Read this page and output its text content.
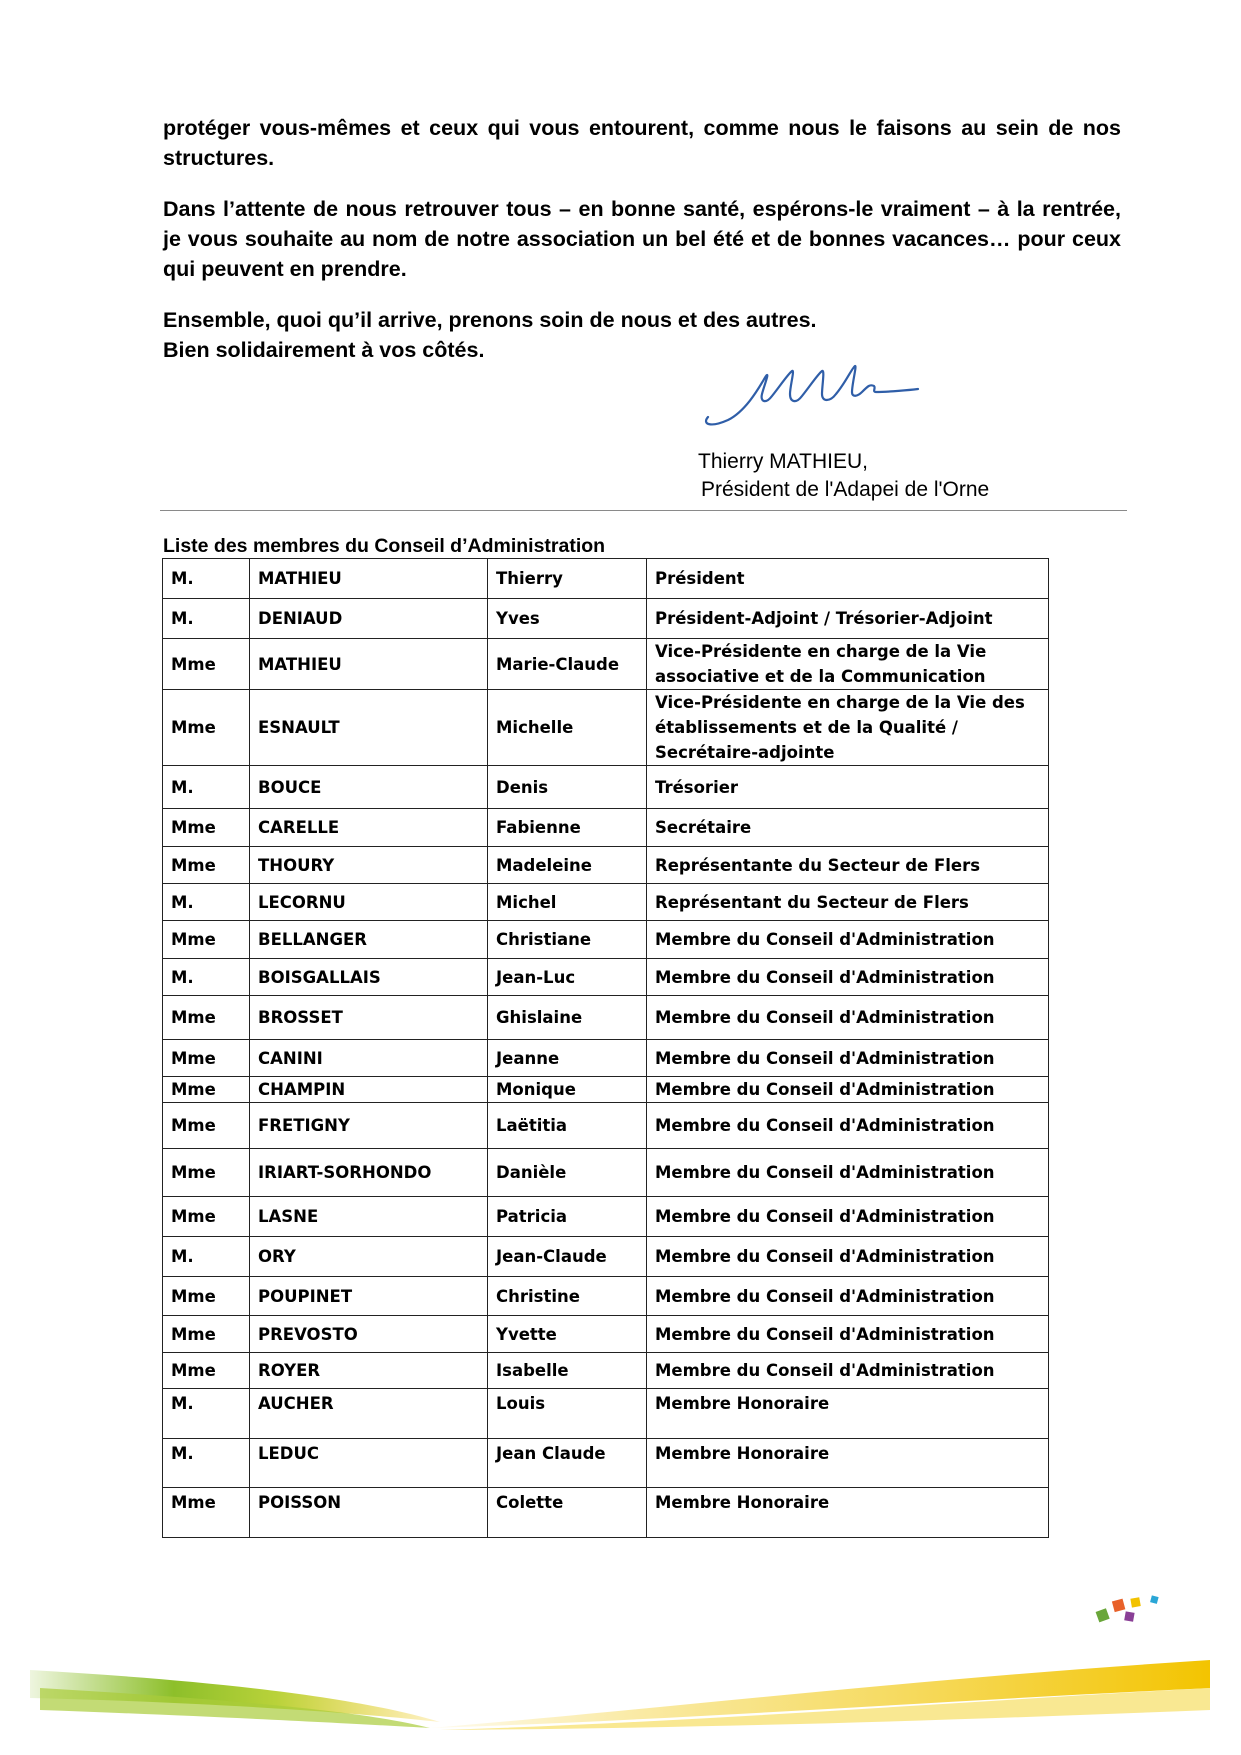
protéger vous-mêmes et ceux qui vous entourent, comme nous le faisons au sein de nos structures.

Dans l’attente de nous retrouver tous – en bonne santé, espérons-le vraiment – à la rentrée, je vous souhaite au nom de notre association un bel été et de bonnes vacances… pour ceux qui peuvent en prendre.

Ensemble, quoi qu’il arrive, prenons soin de nous et des autres.
Bien solidairement à vos côtés.

Thierry MATHIEU,
Président de l'Adapei de l'Orne
Liste des membres du Conseil d’Administration
M.	MATHIEU	Thierry	Président
M.	DENIAUD	Yves	Président-Adjoint / Trésorier-Adjoint
Mme	MATHIEU	Marie-Claude	Vice-Présidente en charge de la Vie associative et de la Communication
Mme	ESNAULT	Michelle	Vice-Présidente en charge de la Vie des établissements et de la Qualité / Secrétaire-adjointe
M.	BOUCE	Denis	Trésorier
Mme	CARELLE	Fabienne	Secrétaire
Mme	THOURY	Madeleine	Représentante du Secteur de Flers
M.	LECORNU	Michel	Représentant du Secteur de Flers
Mme	BELLANGER	Christiane	Membre du Conseil d'Administration
M.	BOISGALLAIS	Jean-Luc	Membre du Conseil d'Administration
Mme	BROSSET	Ghislaine	Membre du Conseil d'Administration
Mme	CANINI	Jeanne	Membre du Conseil d'Administration
Mme	CHAMPIN	Monique	Membre du Conseil d'Administration
Mme	FRETIGNY	Laëtitia	Membre du Conseil d'Administration
Mme	IRIART-SORHONDO	Danièle	Membre du Conseil d'Administration
Mme	LASNE	Patricia	Membre du Conseil d'Administration
M.	ORY	Jean-Claude	Membre du Conseil d'Administration
Mme	POUPINET	Christine	Membre du Conseil d'Administration
Mme	PREVOSTO	Yvette	Membre du Conseil d'Administration
Mme	ROYER	Isabelle	Membre du Conseil d'Administration
M.	AUCHER	Louis	Membre Honoraire
M.	LEDUC	Jean Claude	Membre Honoraire
Mme	POISSON	Colette	Membre Honoraire
